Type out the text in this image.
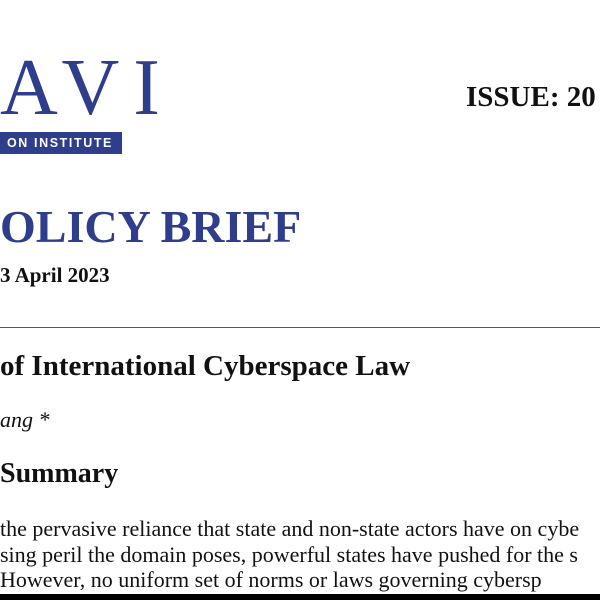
AVI
ON INSTITUTE
ISSUE: 20
OLICY BRIEF
3 April 2023
of International Cyberspace Law
ang *
Summary
the pervasive reliance that state and non-state actors have on cybe
sing peril the domain poses, powerful states have pushed for the s
However, no uniform set of norms or laws governing cybersp
